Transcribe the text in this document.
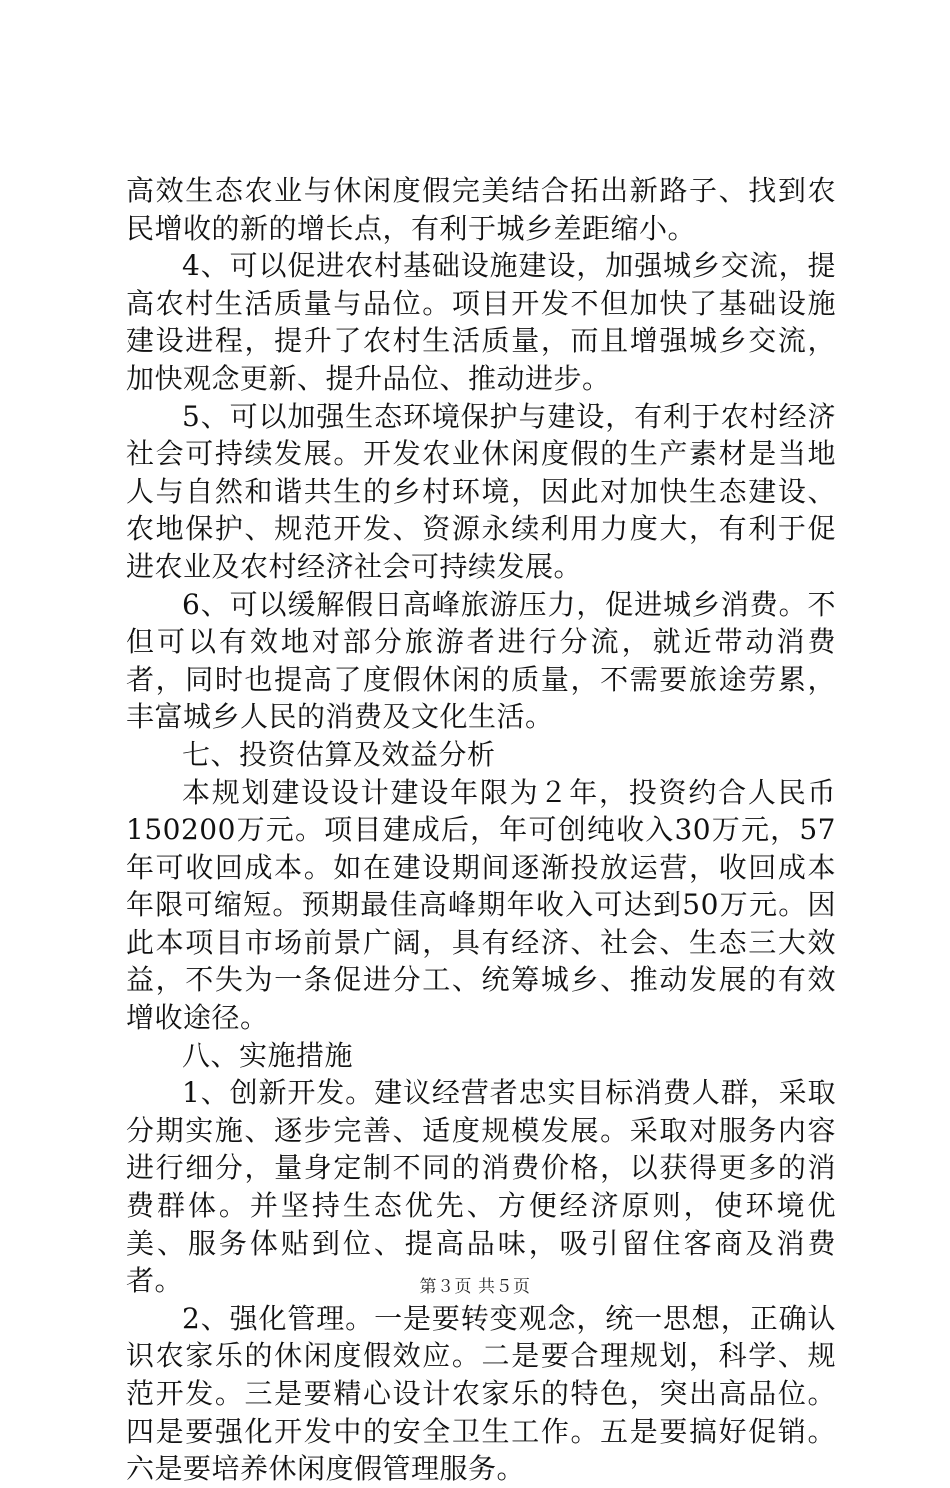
高效生态农业与休闲度假完美结合拓出新路子、找到农民增收的新的增长点，有利于城乡差距缩小。

4、可以促进农村基础设施建设，加强城乡交流，提高农村生活质量与品位。项目开发不但加快了基础设施建设进程，提升了农村生活质量，而且增强城乡交流，加快观念更新、提升品位、推动进步。

5、可以加强生态环境保护与建设，有利于农村经济社会可持续发展。开发农业休闲度假的生产素材是当地人与自然和谐共生的乡村环境，因此对加快生态建设、农地保护、规范开发、资源永续利用力度大，有利于促进农业及农村经济社会可持续发展。

6、可以缓解假日高峰旅游压力，促进城乡消费。不但可以有效地对部分旅游者进行分流，就近带动消费者，同时也提高了度假休闲的质量，不需要旅途劳累，丰富城乡人民的消费及文化生活。

七、投资估算及效益分析

本规划建设设计建设年限为２年，投资约合人民币150200万元。项目建成后，年可创纯收入30万元，57年可收回成本。如在建设期间逐渐投放运营，收回成本年限可缩短。预期最佳高峰期年收入可达到50万元。因此本项目市场前景广阔，具有经济、社会、生态三大效益，不失为一条促进分工、统筹城乡、推动发展的有效增收途径。

八、实施措施

1、创新开发。建议经营者忠实目标消费人群，采取分期实施、逐步完善、适度规模发展。采取对服务内容进行细分，量身定制不同的消费价格，以获得更多的消费群体。并坚持生态优先、方便经济原则，使环境优美、服务体贴到位、提高品味，吸引留住客商及消费者。

2、强化管理。一是要转变观念，统一思想，正确认识农家乐的休闲度假效应。二是要合理规划，科学、规范开发。三是要精心设计农家乐的特色，突出高品位。四是要强化开发中的安全卫生工作。五是要搞好促销。六是要培养休闲度假管理服务。

第３页 共５页
